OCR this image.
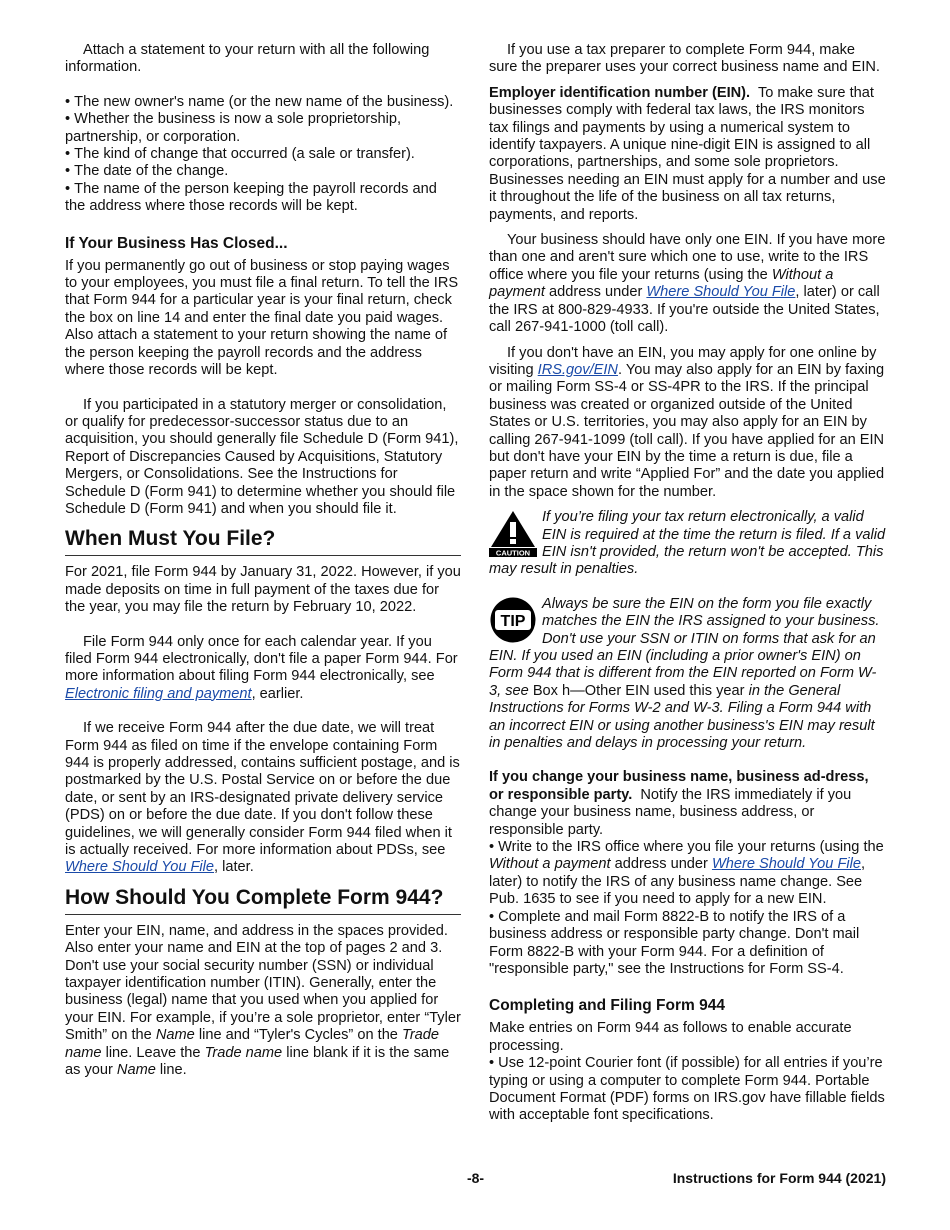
Attach a statement to your return with all the following information.

• The new owner's name (or the new name of the business).

• Whether the business is now a sole proprietorship, partnership, or corporation.

• The kind of change that occurred (a sale or transfer).

• The date of the change.

• The name of the person keeping the payroll records and the address where those records will be kept.

If Your Business Has Closed...

If you permanently go out of business or stop paying wages to your employees, you must file a final return. To tell the IRS that Form 944 for a particular year is your final return, check the box on line 14 and enter the final date you paid wages. Also attach a statement to your return showing the name of the person keeping the payroll records and the address where those records will be kept.

If you participated in a statutory merger or consolidation, or qualify for predecessor-successor status due to an acquisition, you should generally file Schedule D (Form 941), Report of Discrepancies Caused by Acquisitions, Statutory Mergers, or Consolidations. See the Instructions for Schedule D (Form 941) to determine whether you should file Schedule D (Form 941) and when you should file it.

When Must You File?

For 2021, file Form 944 by January 31, 2022. However, if you made deposits on time in full payment of the taxes due for the year, you may file the return by February 10, 2022.

File Form 944 only once for each calendar year. If you filed Form 944 electronically, don't file a paper Form 944. For more information about filing Form 944 electronically, see Electronic filing and payment, earlier.

If we receive Form 944 after the due date, we will treat Form 944 as filed on time if the envelope containing Form 944 is properly addressed, contains sufficient postage, and is postmarked by the U.S. Postal Service on or before the due date, or sent by an IRS-designated private delivery service (PDS) on or before the due date. If you don't follow these guidelines, we will generally consider Form 944 filed when it is actually received. For more information about PDSs, see Where Should You File, later.

How Should You Complete Form 944?

Enter your EIN, name, and address in the spaces provided. Also enter your name and EIN at the top of pages 2 and 3. Don't use your social security number (SSN) or individual taxpayer identification number (ITIN). Generally, enter the business (legal) name that you used when you applied for your EIN. For example, if you’re a sole proprietor, enter “Tyler Smith” on the Name line and “Tyler's Cycles” on the Trade name line. Leave the Trade name line blank if it is the same as your Name line.

If you use a tax preparer to complete Form 944, make sure the preparer uses your correct business name and EIN.

Employer identification number (EIN). To make sure that businesses comply with federal tax laws, the IRS monitors tax filings and payments by using a numerical system to identify taxpayers. A unique nine-digit EIN is assigned to all corporations, partnerships, and some sole proprietors. Businesses needing an EIN must apply for a number and use it throughout the life of the business on all tax returns, payments, and reports.

Your business should have only one EIN. If you have more than one and aren't sure which one to use, write to the IRS office where you file your returns (using the Without a payment address under Where Should You File, later) or call the IRS at 800-829-4933. If you're outside the United States, call 267-941-1000 (toll call).

If you don't have an EIN, you may apply for one online by visiting IRS.gov/EIN. You may also apply for an EIN by faxing or mailing Form SS-4 or SS-4PR to the IRS. If the principal business was created or organized outside of the United States or U.S. territories, you may also apply for an EIN by calling 267-941-1099 (toll call). If you have applied for an EIN but don't have your EIN by the time a return is due, file a paper return and write “Applied For” and the date you applied in the space shown for the number.

CAUTION
If you’re filing your tax return electronically, a valid EIN is required at the time the return is filed. If a valid EIN isn't provided, the return won't be accepted. This may result in penalties.
TIP
Always be sure the EIN on the form you file exactly matches the EIN the IRS assigned to your business. Don't use your SSN or ITIN on forms that ask for an EIN. If you used an EIN (including a prior owner's EIN) on Form 944 that is different from the EIN reported on Form W-3, see Box h—Other EIN used this year in the General Instructions for Forms W-2 and W-3. Filing a Form 944 with an incorrect EIN or using another business's EIN may result in penalties and delays in processing your return.

If you change your business name, business ad-dress, or responsible party. Notify the IRS immediately if you change your business name, business address, or responsible party.

• Write to the IRS office where you file your returns (using the Without a payment address under Where Should You File, later) to notify the IRS of any business name change. See Pub. 1635 to see if you need to apply for a new EIN.

• Complete and mail Form 8822-B to notify the IRS of a business address or responsible party change. Don't mail Form 8822-B with your Form 944. For a definition of "responsible party," see the Instructions for Form SS-4.

Completing and Filing Form 944

Make entries on Form 944 as follows to enable accurate processing.

• Use 12-point Courier font (if possible) for all entries if you’re typing or using a computer to complete Form 944. Portable Document Format (PDF) forms on IRS.gov have fillable fields with acceptable font specifications.

-8-	Instructions for Form 944 (2021)
